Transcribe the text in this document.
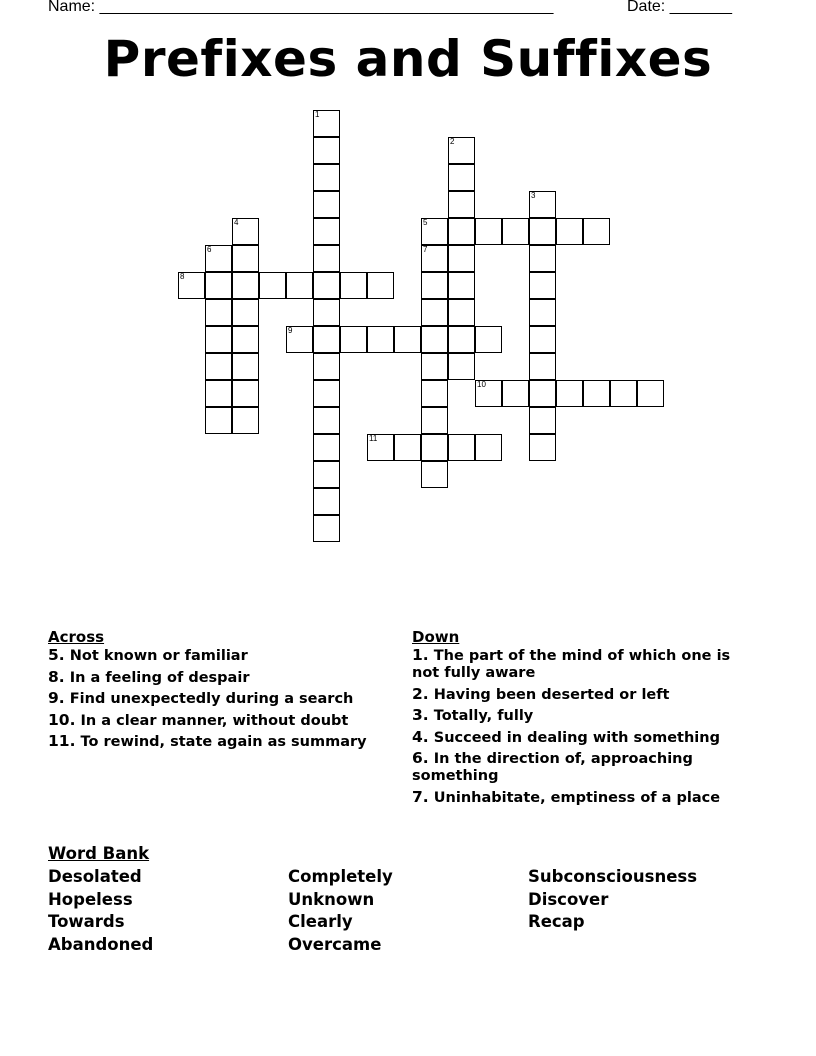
Name: ___________________________________________________	Date: _______
Prefixes and Suffixes
1
2
3
4	5
6	7
8
9
10
11
Across
5. Not known or familiar
8. In a feeling of despair
9. Find unexpectedly during a search
10. In a clear manner, without doubt
11. To rewind, state again as summary
Down
1. The part of the mind of which one is not fully aware
2. Having been deserted or left
3. Totally, fully
4. Succeed in dealing with something
6. In the direction of, approaching something
7. Uninhabitate, emptiness of a place
Word Bank
Desolated
Hopeless
Towards
Abandoned
Completely
Unknown
Clearly
Overcame
Subconsciousness
Discover
Recap
